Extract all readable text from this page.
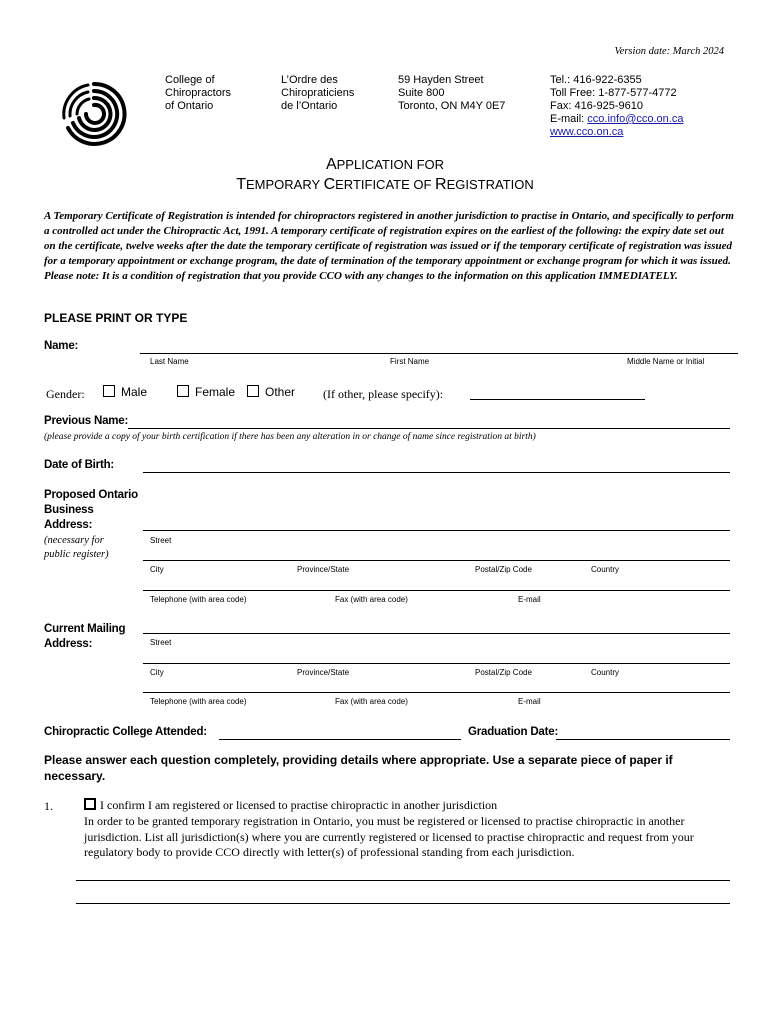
Version date: March 2024
College of
Chiropractors
of Ontario
L’Ordre des
Chiropraticiens
de l’Ontario
59 Hayden Street
Suite 800
Toronto, ON M4Y 0E7
Tel.: 416-922-6355
Toll Free: 1-877-577-4772
Fax: 416-925-9610
E-mail: cco.info@cco.on.ca
www.cco.on.ca
APPLICATION FOR
TEMPORARY CERTIFICATE OF REGISTRATION
A Temporary Certificate of Registration is intended for chiropractors registered in another jurisdiction to practise in Ontario, and specifically to perform a controlled act under the Chiropractic Act, 1991. A temporary certificate of registration expires on the earliest of the following: the expiry date set out on the certificate, twelve weeks after the date the temporary certificate of registration was issued or if the temporary certificate of registration was issued for a temporary appointment or exchange program, the date of termination of the temporary appointment or exchange program for which it was issued. Please note: It is a condition of registration that you provide CCO with any changes to the information on this application IMMEDIATELY.
PLEASE PRINT OR TYPE
Name:
Last Name	First Name	Middle Name or Initial
Gender:	Male	Female	Other (If other, please specify):
Previous Name:
(please provide a copy of your birth certification if there has been any alteration in or change of name since registration at birth)
Date of Birth:
Proposed Ontario
Business
Address:
(necessary for
public register)
Street
City	Province/State	Postal/Zip Code	Country
Telephone (with area code)	Fax (with area code)	E-mail
Current Mailing
Address:	Street
City	Province/State	Postal/Zip Code	Country
Telephone (with area code)	Fax (with area code)	E-mail
Chiropractic College Attended:	Graduation Date:
Please answer each question completely, providing details where appropriate. Use a separate piece of paper if necessary.
1.	I confirm I am registered or licensed to practise chiropractic in another jurisdiction
In order to be granted temporary registration in Ontario, you must be registered or licensed to practise chiropractic in another jurisdiction. List all jurisdiction(s) where you are currently registered or licensed to practise chiropractic and request from your regulatory body to provide CCO directly with letter(s) of professional standing from each jurisdiction.
